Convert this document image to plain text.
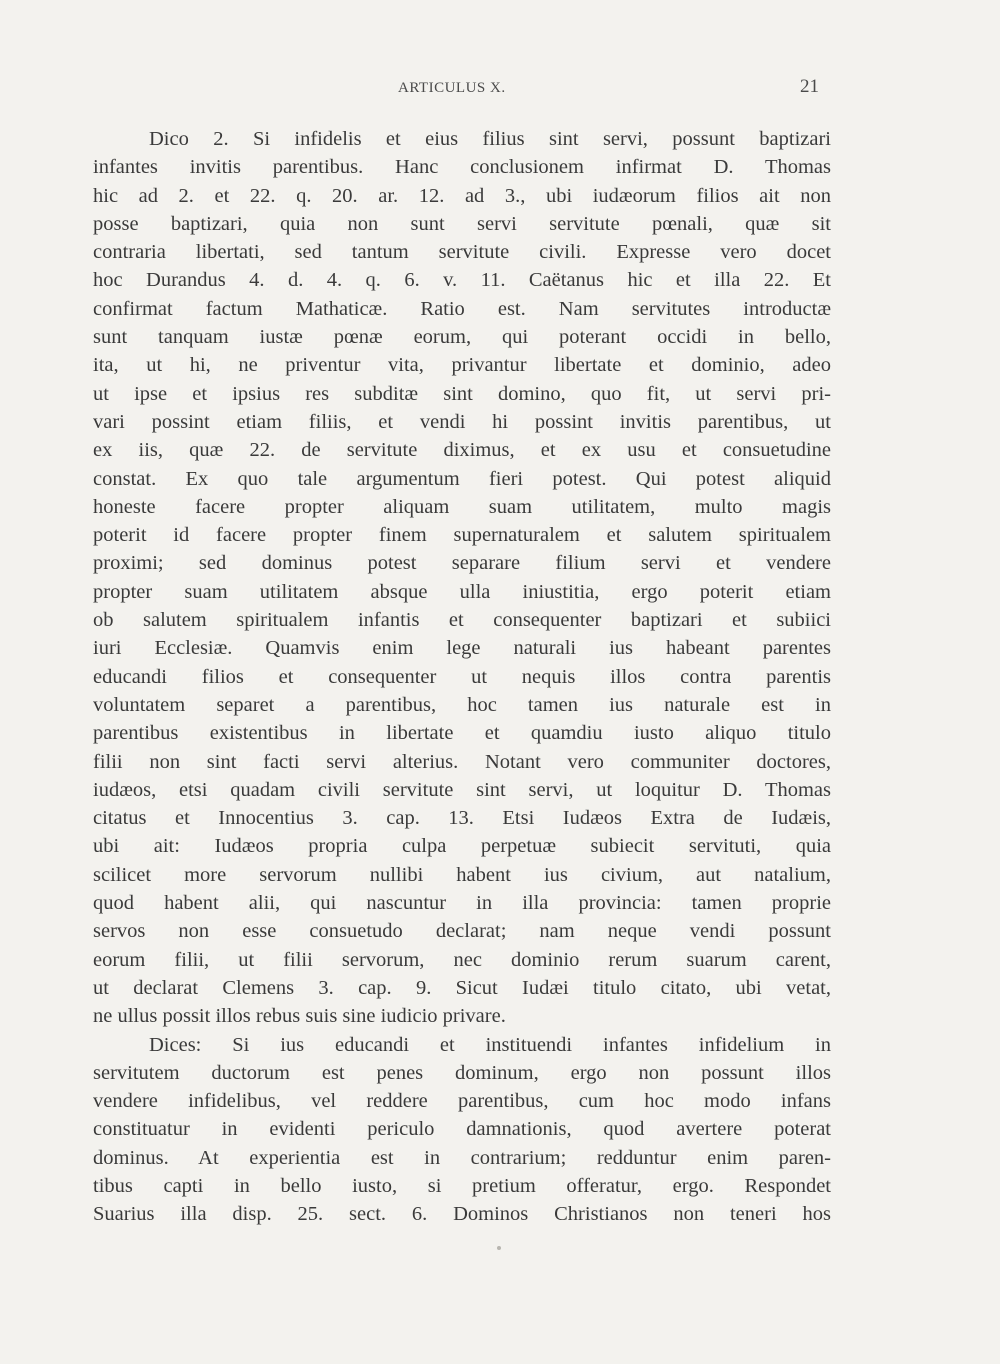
ARTICULUS X.	21
Dico 2. Si infidelis et eius filius sint servi, possunt baptizari
infantes invitis parentibus. Hanc conclusionem infirmat D. Thomas
hic ad 2. et 22. q. 20. ar. 12. ad 3., ubi iudæorum filios ait non
posse baptizari, quia non sunt servi servitute pœnali, quæ sit
contraria libertati, sed tantum servitute civili. Expresse vero docet
hoc Durandus 4. d. 4. q. 6. v. 11. Caëtanus hic et illa 22. Et
confirmat factum Mathaticæ. Ratio est. Nam servitutes introductæ
sunt tanquam iustæ pœnæ eorum, qui poterant occidi in bello,
ita, ut hi, ne priventur vita, privantur libertate et dominio, adeo
ut ipse et ipsius res subditæ sint domino, quo fit, ut servi pri-
vari possint etiam filiis, et vendi hi possint invitis parentibus, ut
ex iis, quæ 22. de servitute diximus, et ex usu et consuetudine
constat. Ex quo tale argumentum fieri potest. Qui potest aliquid
honeste facere propter aliquam suam utilitatem, multo magis
poterit id facere propter finem supernaturalem et salutem spiritualem
proximi; sed dominus potest separare filium servi et vendere
propter suam utilitatem absque ulla iniustitia, ergo poterit etiam
ob salutem spiritualem infantis et consequenter baptizari et subiici
iuri Ecclesiæ. Quamvis enim lege naturali ius habeant parentes
educandi filios et consequenter ut nequis illos contra parentis
voluntatem separet a parentibus, hoc tamen ius naturale est in
parentibus existentibus in libertate et quamdiu iusto aliquo titulo
filii non sint facti servi alterius. Notant vero communiter doctores,
iudæos, etsi quadam civili servitute sint servi, ut loquitur D. Thomas
citatus et Innocentius 3. cap. 13. Etsi Iudæos Extra de Iudæis,
ubi ait: Iudæos propria culpa perpetuæ subiecit servituti, quia
scilicet more servorum nullibi habent ius civium, aut natalium,
quod habent alii, qui nascuntur in illa provincia: tamen proprie
servos non esse consuetudo declarat; nam neque vendi possunt
eorum filii, ut filii servorum, nec dominio rerum suarum carent,
ut declarat Clemens 3. cap. 9. Sicut Iudæi titulo citato, ubi vetat,
ne ullus possit illos rebus suis sine iudicio privare.
Dices: Si ius educandi et instituendi infantes infidelium in
servitutem ductorum est penes dominum, ergo non possunt illos
vendere infidelibus, vel reddere parentibus, cum hoc modo infans
constituatur in evidenti periculo damnationis, quod avertere poterat
dominus. At experientia est in contrarium; redduntur enim paren-
tibus capti in bello iusto, si pretium offeratur, ergo. Respondet
Suarius illa disp. 25. sect. 6. Dominos Christianos non teneri hos
